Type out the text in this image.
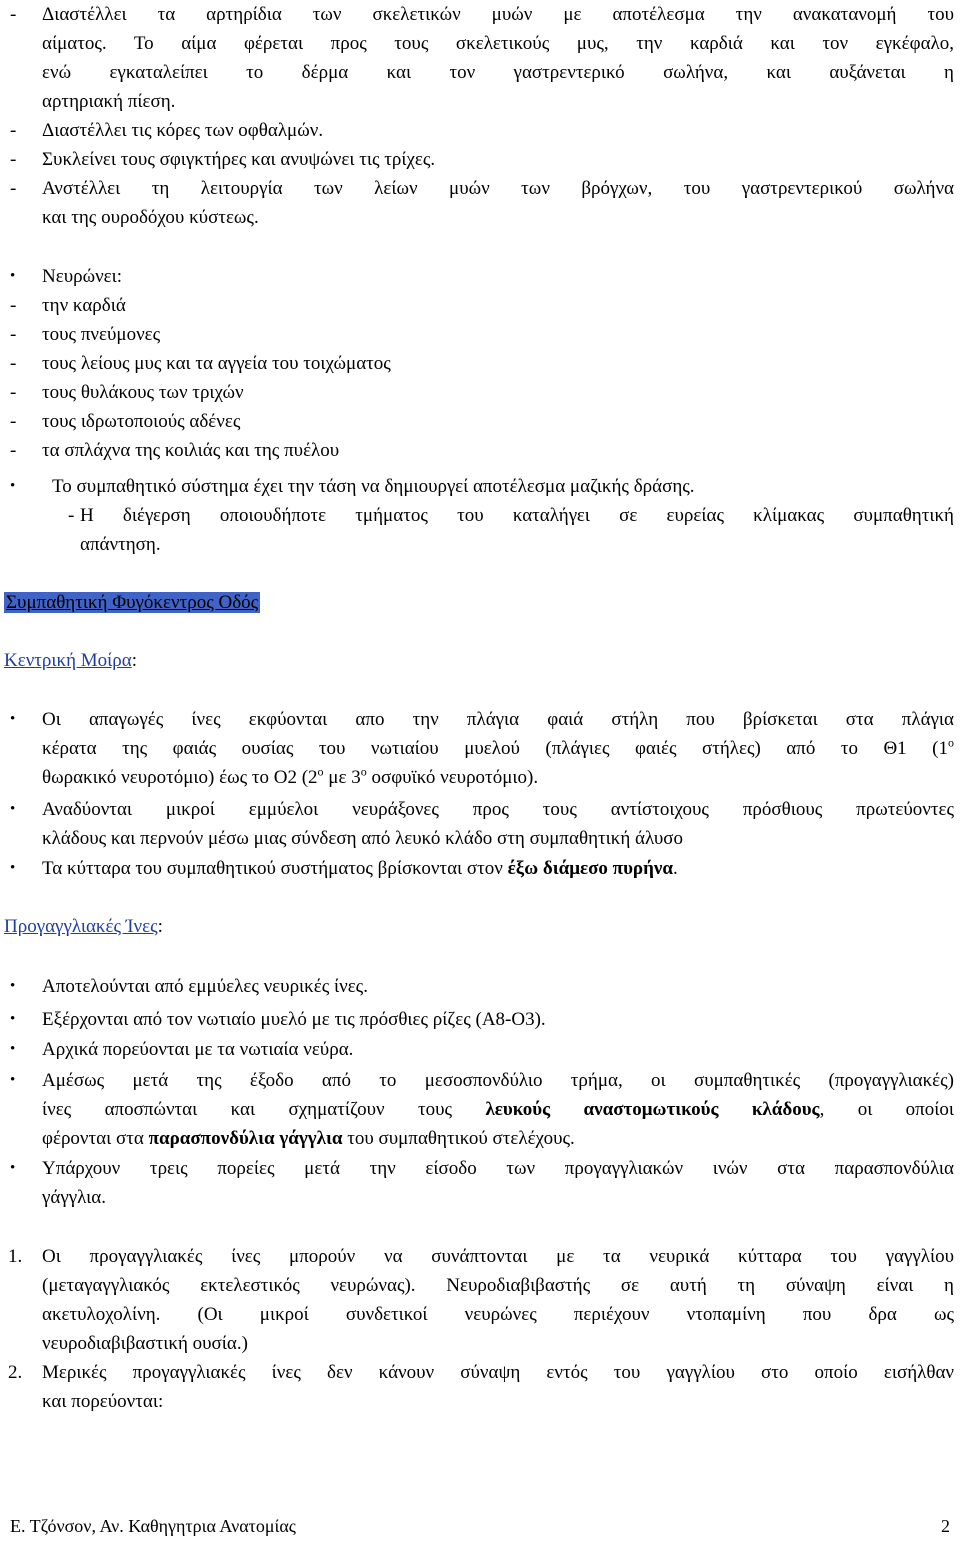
- Διαστέλλει τα αρτηρίδια των σκελετικών μυών με αποτέλεσμα την ανακατανομή του
αίματος. Το αίμα φέρεται προς τους σκελετικούς μυς, την καρδιά και τον εγκέφαλο,
ενώ εγκαταλείπει το δέρμα και τον γαστρεντερικό σωλήνα, και αυξάνεται η
αρτηριακή πίεση.
- Διαστέλλει τις κόρες των οφθαλμών.
- Συκλείνει τους σφιγκτήρες και ανυψώνει τις τρίχες.
- Ανστέλλει τη λειτουργία των λείων μυών των βρόγχων, του γαστρεντερικού σωλήνα
και της ουροδόχου κύστεως.
• Νευρώνει:
- την καρδιά
- τους πνεύμονες
- τους λείους μυς και τα αγγεία του τοιχώματος
- τους θυλάκους των τριχών
- τους ιδρωτοποιούς αδένες
- τα σπλάχνα της κοιλιάς και της πυέλου
• Το συμπαθητικό σύστημα έχει την τάση να δημιουργεί αποτέλεσμα μαζικής δράσης.
- Η διέγερση οποιουδήποτε τμήματος του καταλήγει σε ευρείας κλίμακας συμπαθητική
απάντηση.
Συμπαθητική Φυγόκεντρος Οδός
Κεντρική Μοίρα:
• Οι απαγωγές ίνες εκφύονται απο την πλάγια φαιά στήλη που βρίσκεται στα πλάγια
κέρατα της φαιάς ουσίας του νωτιαίου μυελού (πλάγιες φαιές στήλες) από το Θ1 ($1^o$
θωρακικό νευροτόμιο) έως το Ο2 ($2^o$ με $3^o$ οσφυϊκό νευροτόμιο).
• Αναδύονται μικροί εμμύελοι νευράξονες προς τους αντίστοιχους πρόσθιους πρωτεύοντες
κλάδους και περνούν μέσω μιας σύνδεση από λευκό κλάδο στη συμπαθητική άλυσο
• Τα κύτταρα του συμπαθητικού συστήματος βρίσκονται στον έξω διάμεσο πυρήνα.
Προγαγγλιακές Ίνες:
• Αποτελούνται από εμμύελες νευρικές ίνες.
• Εξέρχονται από τον νωτιαίο μυελό με τις πρόσθιες ρίζες (Α8-Ο3).
• Αρχικά πορεύονται με τα νωτιαία νεύρα.
• Αμέσως μετά της έξοδο από το μεσοσπονδύλιο τρήμα, οι συμπαθητικές (προγαγγλιακές)
ίνες αποσπώνται και σχηματίζουν τους λευκούς αναστομωτικούς κλάδους, οι οποίοι
φέρονται στα παρασπονδύλια γάγγλια του συμπαθητικού στελέχους.
• Υπάρχουν τρεις πορείες μετά την είσοδο των προγαγγλιακών ινών στα παρασπονδύλια
γάγγλια.
1. Οι προγαγγλιακές ίνες μπορούν να συνάπτονται με τα νευρικά κύτταρα του γαγγλίου
(μεταγαγγλιακός εκτελεστικός νευρώνας). Νευροδιαβιβαστής σε αυτή τη σύναψη είναι η
ακετυλοχολίνη. (Οι μικροί συνδετικοί νευρώνες περιέχουν ντοπαμίνη που δρα ως
νευροδιαβιβαστική ουσία.)
2. Μερικές προγαγγλιακές ίνες δεν κάνουν σύναψη εντός του γαγγλίου στο οποίο εισήλθαν
και πορεύονται:
Ε. Τζόνσον, Αν. Καθηγητρια Ανατομίας	2
